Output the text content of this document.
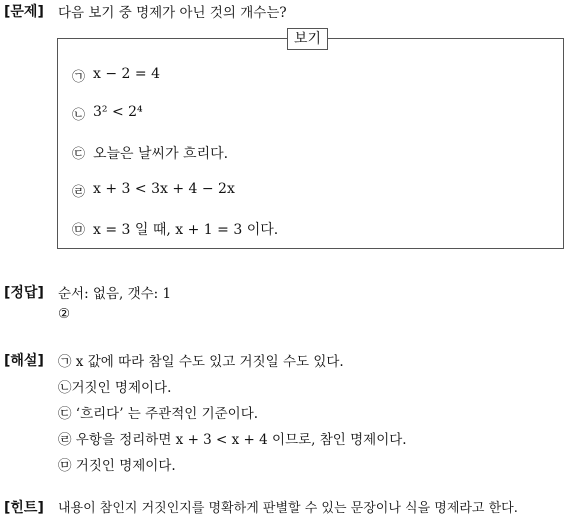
[문제] 다음 보기 중 명제가 아닌 것의 개수는?
보기
x − 2 = 4
3² < 2⁴
오늘은 날씨가 흐리다.
x + 3 < 3x + 4 − 2x
x = 3 일 때, x + 1 = 3 이다.
㉠
㉡
㉢
㉣
㉤
[정답] 순서: 없음, 갯수: 1
②
[해설] ㉠ x 값에 따라 참일 수도 있고 거짓일 수도 있다.
㉡거짓인 명제이다.
㉢ ‘흐리다’ 는 주관적인 기준이다.
㉣ 우항을 정리하면 x + 3 < x + 4 이므로, 참인 명제이다.
㉤ 거짓인 명제이다.
[힌트] 내용이 참인지 거짓인지를 명확하게 판별할 수 있는 문장이나 식을 명제라고 한다.
